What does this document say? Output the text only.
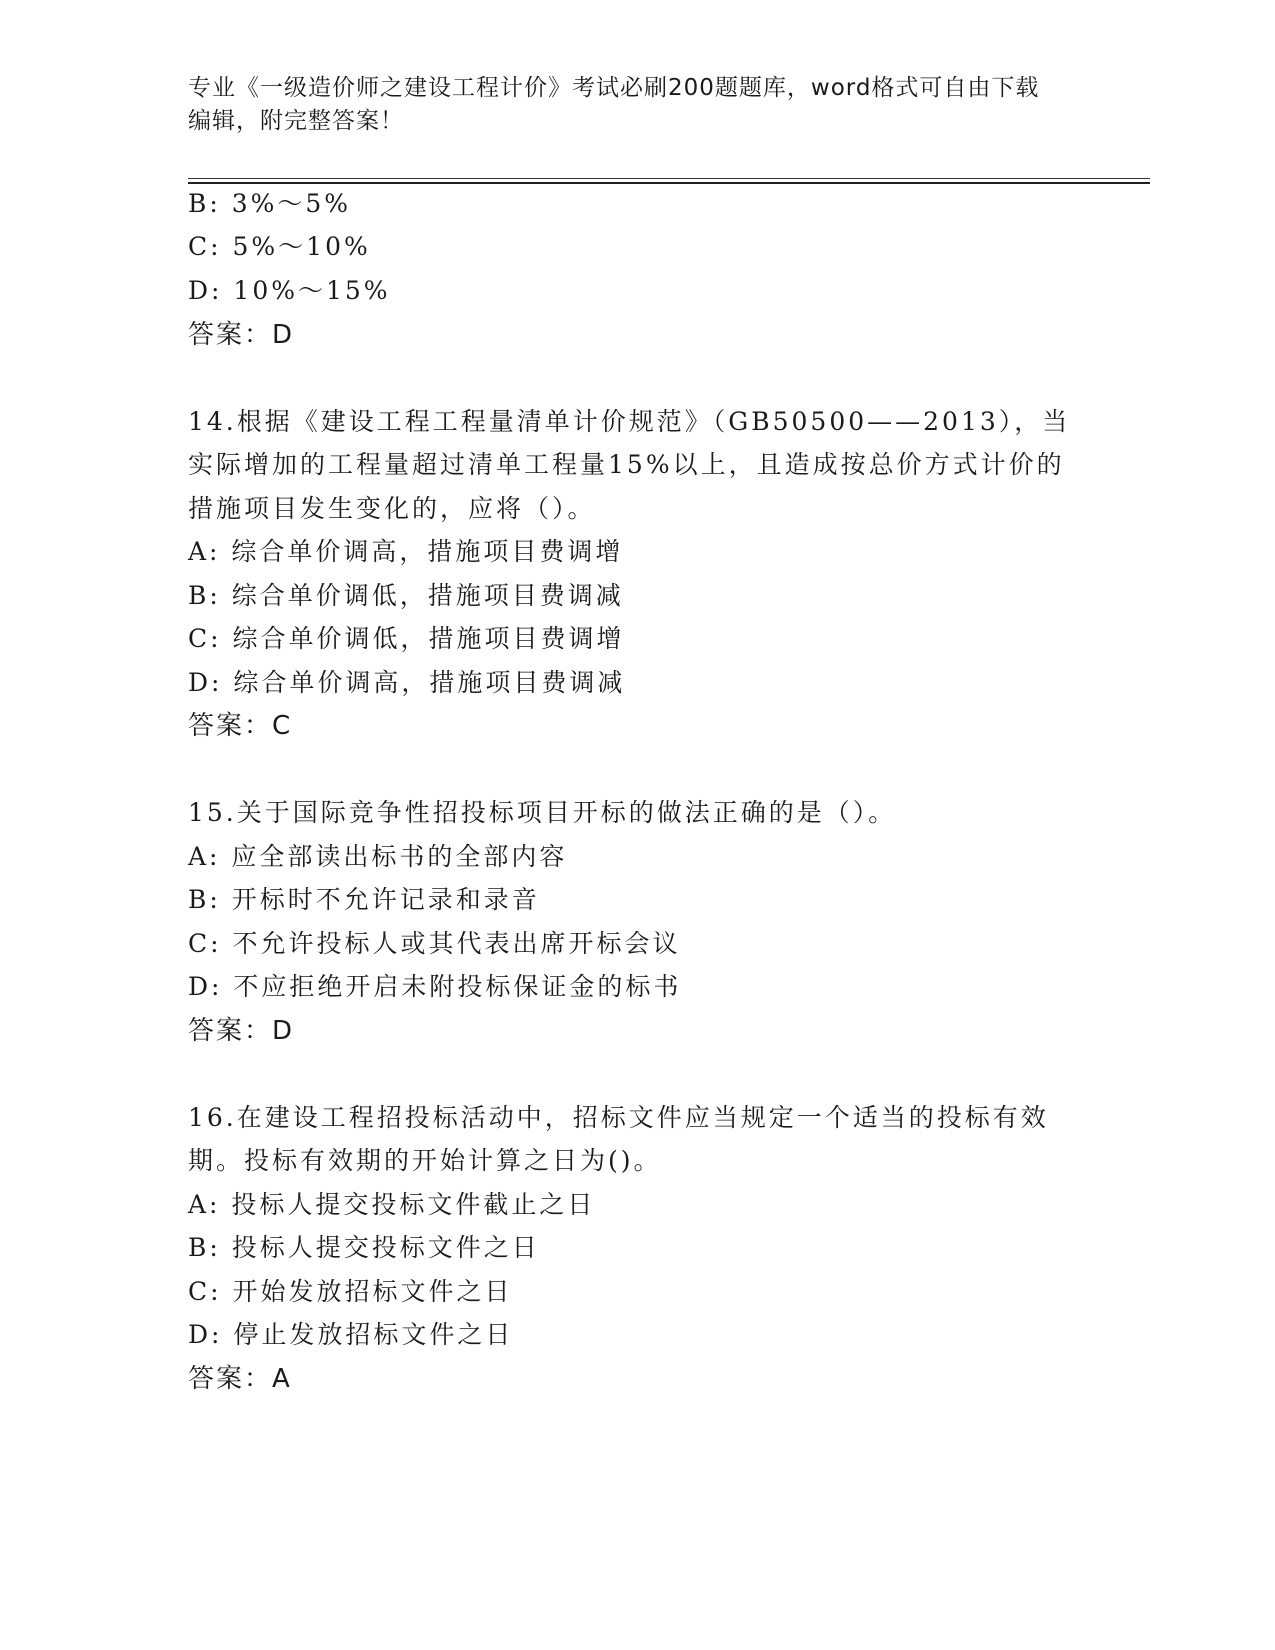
专业《一级造价师之建设工程计价》考试必刷200题题库，word格式可自由下载
编辑，附完整答案！
B: 3%～5%
C: 5%～10%
D: 10%～15%
答案：D
14.根据《建设工程工程量清单计价规范》（GB50500——2013），当
实际增加的工程量超过清单工程量15%以上，且造成按总价方式计价的
措施项目发生变化的，应将（）。
A: 综合单价调高，措施项目费调增
B: 综合单价调低，措施项目费调减
C: 综合单价调低，措施项目费调增
D: 综合单价调高，措施项目费调减
答案：C
15.关于国际竞争性招投标项目开标的做法正确的是（）。
A: 应全部读出标书的全部内容
B: 开标时不允许记录和录音
C: 不允许投标人或其代表出席开标会议
D: 不应拒绝开启未附投标保证金的标书
答案：D
16.在建设工程招投标活动中，招标文件应当规定一个适当的投标有效
期。投标有效期的开始计算之日为()。
A: 投标人提交投标文件截止之日
B: 投标人提交投标文件之日
C: 开始发放招标文件之日
D: 停止发放招标文件之日
答案：A
